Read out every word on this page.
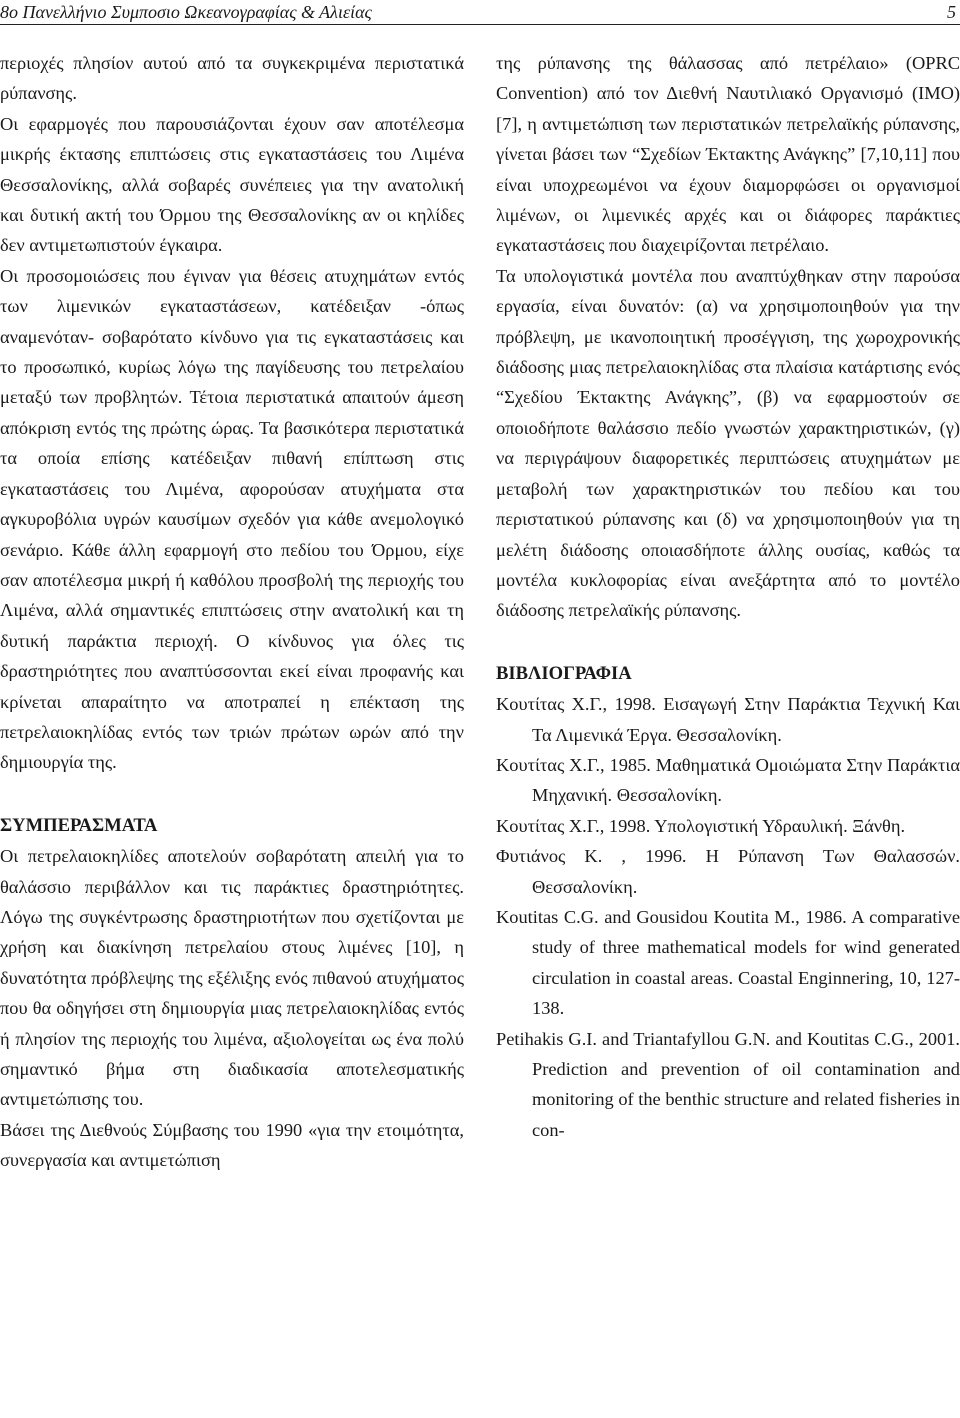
8ο Πανελλήνιο Συμποσιο Ωκεανογραφίας & Αλιείας	5

περιοχές πλησίον αυτού από τα συγκεκριμένα περιστατικά ρύπανσης.

Οι εφαρμογές που παρουσιάζονται έχουν σαν αποτέλεσμα μικρής έκτασης επιπτώσεις στις εγκαταστάσεις του Λιμένα Θεσσαλονίκης, αλλά σοβαρές συνέπειες για την ανατολική και δυτική ακτή του Όρμου της Θεσσαλονίκης αν οι κηλίδες δεν αντιμετωπιστούν έγκαιρα.

Οι προσομοιώσεις που έγιναν για θέσεις ατυχημάτων εντός των λιμενικών εγκαταστάσεων, κατέδειξαν -όπως αναμενόταν- σοβαρότατο κίνδυνο για τις εγκαταστάσεις και το προσωπικό, κυρίως λόγω της παγίδευσης του πετρελαίου μεταξύ των προβλητών. Τέτοια περιστατικά απαιτούν άμεση απόκριση εντός της πρώτης ώρας. Τα βασικότερα περιστατικά τα οποία επίσης κατέδειξαν πιθανή επίπτωση στις εγκαταστάσεις του Λιμένα, αφορούσαν ατυχήματα στα αγκυροβόλια υγρών καυσίμων σχεδόν για κάθε ανεμολογικό σενάριο. Κάθε άλλη εφαρμογή στο πεδίου του Όρμου, είχε σαν αποτέλεσμα μικρή ή καθόλου προσβολή της περιοχής του Λιμένα, αλλά σημαντικές επιπτώσεις στην ανατολική και τη δυτική παράκτια περιοχή. Ο κίνδυνος για όλες τις δραστηριότητες που αναπτύσσονται εκεί είναι προφανής και κρίνεται απαραίτητο να αποτραπεί η επέκταση της πετρελαιοκηλίδας εντός των τριών πρώτων ωρών από την δημιουργία της.

ΣΥΜΠΕΡΑΣΜΑΤΑ

Οι πετρελαιοκηλίδες αποτελούν σοβαρότατη απειλή για το θαλάσσιο περιβάλλον και τις παράκτιες δραστηριότητες. Λόγω της συγκέντρωσης δραστηριοτήτων που σχετίζονται με χρήση και διακίνηση πετρελαίου στους λιμένες [10], η δυνατότητα πρόβλεψης της εξέλιξης ενός πιθανού ατυχήματος που θα οδηγήσει στη δημιουργία μιας πετρελαιοκηλίδας εντός ή πλησίον της περιοχής του λιμένα, αξιολογείται ως ένα πολύ σημαντικό βήμα στη διαδικασία αποτελεσματικής αντιμετώπισης του.

Βάσει της Διεθνούς Σύμβασης του 1990 «για την ετοιμότητα, συνεργασία και αντιμετώπιση

της ρύπανσης της θάλασσας από πετρέλαιο» (OPRC Convention) από τον Διεθνή Ναυτιλιακό Οργανισμό (IMO) [7], η αντιμετώπιση των περιστατικών πετρελαϊκής ρύπανσης, γίνεται βάσει των “Σχεδίων Έκτακτης Ανάγκης” [7,10,11] που είναι υποχρεωμένοι να έχουν διαμορφώσει οι οργανισμοί λιμένων, οι λιμενικές αρχές και οι διάφορες παράκτιες εγκαταστάσεις που διαχειρίζονται πετρέλαιο.

Τα υπολογιστικά μοντέλα που αναπτύχθηκαν στην παρούσα εργασία, είναι δυνατόν: (α) να χρησιμοποιηθούν για την πρόβλεψη, με ικανοποιητική προσέγγιση, της χωροχρονικής διάδοσης μιας πετρελαιοκηλίδας στα πλαίσια κατάρτισης ενός “Σχεδίου Έκτακτης Ανάγκης”, (β) να εφαρμοστούν σε οποιοδήποτε θαλάσσιο πεδίο γνωστών χαρακτηριστικών, (γ) να περιγράψουν διαφορετικές περιπτώσεις ατυχημάτων με μεταβολή των χαρακτηριστικών του πεδίου και του περιστατικού ρύπανσης και (δ) να χρησιμοποιηθούν για τη μελέτη διάδοσης οποιασδήποτε άλλης ουσίας, καθώς τα μοντέλα κυκλοφορίας είναι ανεξάρτητα από το μοντέλο διάδοσης πετρελαϊκής ρύπανσης.

ΒΙΒΛΙΟΓΡΑΦΙΑ

Κουτίτας Χ.Γ., 1998. Εισαγωγή Στην Παράκτια Τεχνική Και Τα Λιμενικά Έργα. Θεσσαλονίκη.
Κουτίτας Χ.Γ., 1985. Μαθηματικά Ομοιώματα Στην Παράκτια Μηχανική. Θεσσαλονίκη.
Κουτίτας Χ.Γ., 1998. Υπολογιστική Υδραυλική. Ξάνθη.
Φυτιάνος Κ. , 1996. Η Ρύπανση Των Θαλασσών. Θεσσαλονίκη.
Koutitas C.G. and Gousidou Koutita M., 1986. A comparative study of three mathematical models for wind generated circulation in coastal areas. Coastal Enginnering, 10, 127-138.
Petihakis G.I. and Triantafyllou G.N. and Koutitas C.G., 2001. Prediction and prevention of oil contamination and monitoring of the benthic structure and related fisheries in con-
